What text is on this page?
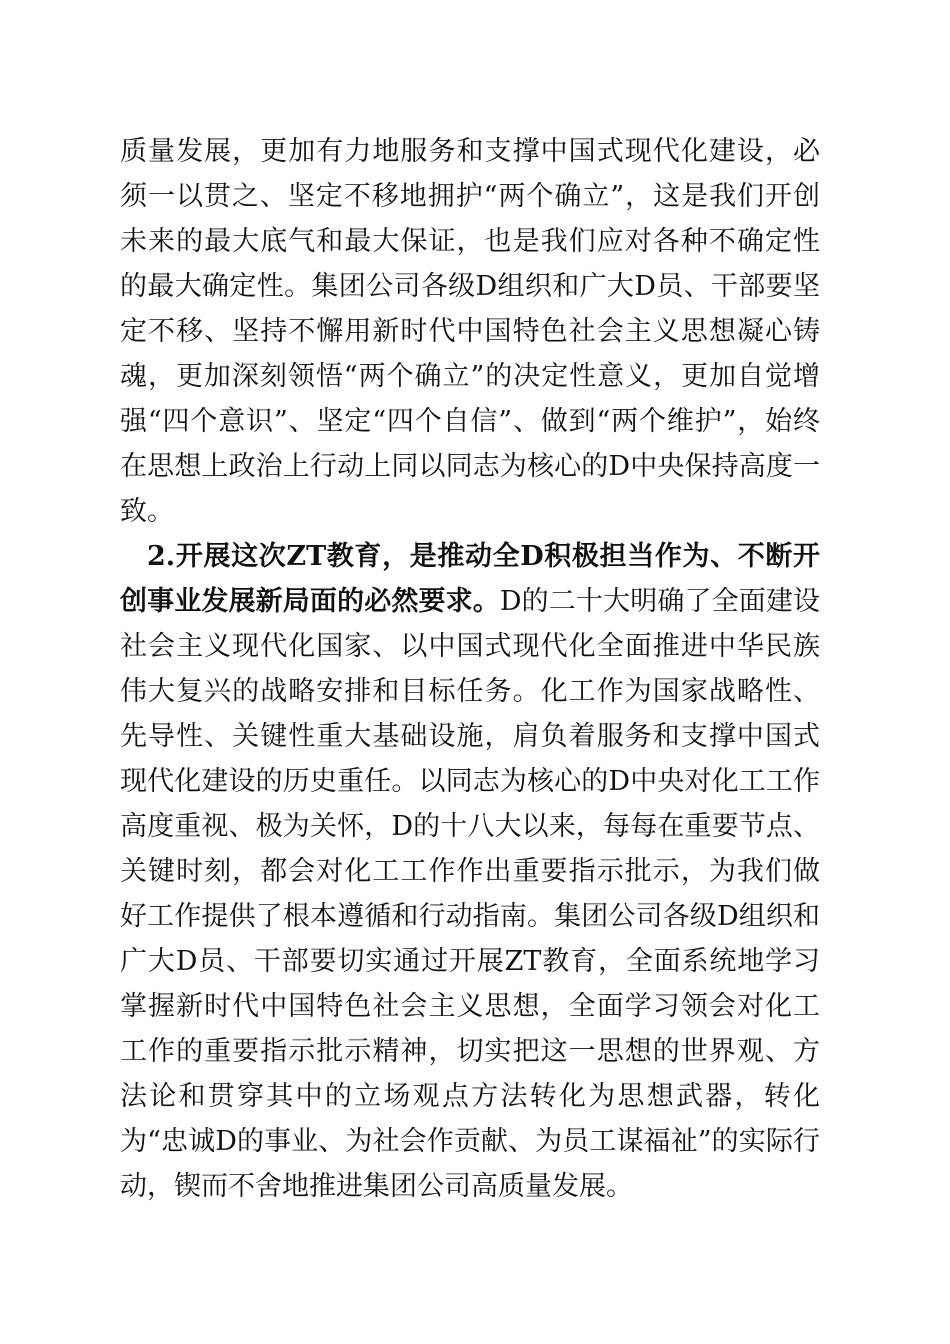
质量发展，更加有力地服务和支撑中国式现代化建设，必须一以贯之、坚定不移地拥护“两个确立”，这是我们开创未来的最大底气和最大保证，也是我们应对各种不确定性的最大确定性。集团公司各级D组织和广大D员、干部要坚定不移、坚持不懈用新时代中国特色社会主义思想凝心铸魂，更加深刻领悟“两个确立”的决定性意义，更加自觉增强“四个意识”、坚定“四个自信”、做到“两个维护”，始终在思想上政治上行动上同以同志为核心的D中央保持高度一致。

2.开展这次ZT教育，是推动全D积极担当作为、不断开创事业发展新局面的必然要求。D的二十大明确了全面建设社会主义现代化国家、以中国式现代化全面推进中华民族伟大复兴的战略安排和目标任务。化工作为国家战略性、先导性、关键性重大基础设施，肩负着服务和支撑中国式现代化建设的历史重任。以同志为核心的D中央对化工工作高度重视、极为关怀，D的十八大以来，每每在重要节点、关键时刻，都会对化工工作作出重要指示批示，为我们做好工作提供了根本遵循和行动指南。集团公司各级D组织和广大D员、干部要切实通过开展ZT教育，全面系统地学习掌握新时代中国特色社会主义思想，全面学习领会对化工工作的重要指示批示精神，切实把这一思想的世界观、方法论和贯穿其中的立场观点方法转化为思想武器，转化为“忠诚D的事业、为社会作贡献、为员工谋福祉”的实际行动，锲而不舍地推进集团公司高质量发展。
